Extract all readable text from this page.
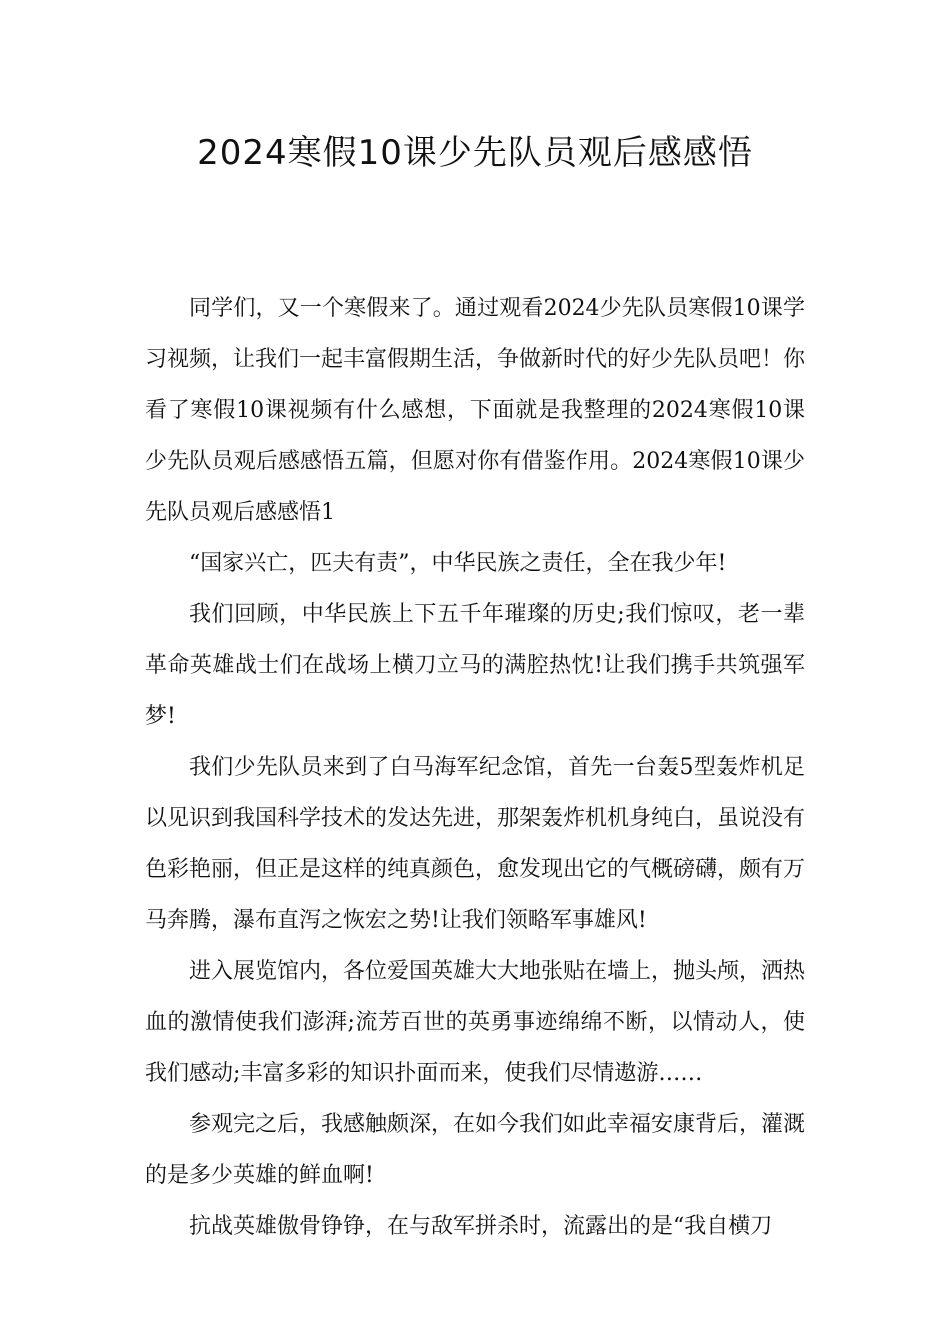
2024寒假10课少先队员观后感感悟

同学们，又一个寒假来了。通过观看2024少先队员寒假10课学习视频，让我们一起丰富假期生活，争做新时代的好少先队员吧！你看了寒假10课视频有什么感想，下面就是我整理的2024寒假10课少先队员观后感感悟五篇，但愿对你有借鉴作用。2024寒假10课少先队员观后感感悟1

“国家兴亡，匹夫有责”，中华民族之责任，全在我少年!

我们回顾，中华民族上下五千年璀璨的历史;我们惊叹，老一辈革命英雄战士们在战场上横刀立马的满腔热忱!让我们携手共筑强军梦!

我们少先队员来到了白马海军纪念馆，首先一台轰5型轰炸机足以见识到我国科学技术的发达先进，那架轰炸机机身纯白，虽说没有色彩艳丽，但正是这样的纯真颜色，愈发现出它的气概磅礴，颇有万马奔腾，瀑布直泻之恢宏之势!让我们领略军事雄风!

进入展览馆内，各位爱国英雄大大地张贴在墙上，抛头颅，洒热血的激情使我们澎湃;流芳百世的英勇事迹绵绵不断，以情动人，使我们感动;丰富多彩的知识扑面而来，使我们尽情遨游……

参观完之后，我感触颇深，在如今我们如此幸福安康背后，灌溉的是多少英雄的鲜血啊!

抗战英雄傲骨铮铮，在与敌军拼杀时，流露出的是“我自横刀
